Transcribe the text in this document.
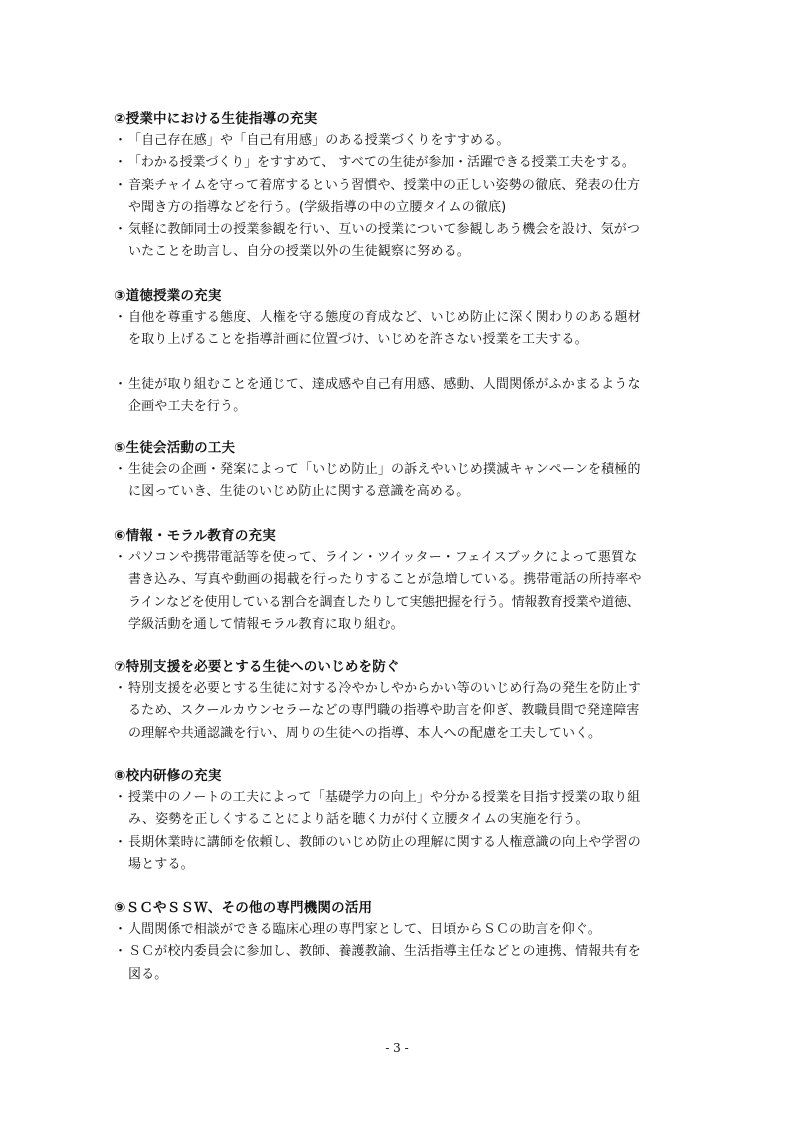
②授業中における生徒指導の充実
・ 「自己存在感」や「自己有用感」のある授業づくりをすすめる。
・ 「わかる授業づくり」をすすめて、 すべての生徒が参加・活躍できる授業工夫をする。
・ 音楽チャイムを守って着席するという習慣や、授業中の正しい姿勢の徹底、発表の仕方
や聞き方の指導などを行う。(学級指導の中の立腰タイムの徹底)
・ 気軽に教師同士の授業参観を行い、互いの授業について参観しあう機会を設け、気がつ
いたことを助言し、自分の授業以外の生徒観察に努める。
③道徳授業の充実
・ 自他を尊重する態度、人権を守る態度の育成など、いじめ防止に深く関わりのある題材
を取り上げることを指導計画に位置づけ、いじめを許さない授業を工夫する。
・ 生徒が取り組むことを通じて、達成感や自己有用感、感動、人間関係がふかまるような
企画や工夫を行う。
⑤生徒会活動の工夫
・ 生徒会の企画・発案によって「いじめ防止」の訴えやいじめ撲滅キャンペーンを積極的
に図っていき、生徒のいじめ防止に関する意識を高める。
⑥情報・モラル教育の充実
・ パソコンや携帯電話等を使って、ライン・ツイッター・フェイスブックによって悪質な
書き込み、写真や動画の掲載を行ったりすることが急増している。携帯電話の所持率や
ラインなどを使用している割合を調査したりして実態把握を行う。情報教育授業や道徳、
学級活動を通して情報モラル教育に取り組む。
⑦特別支援を必要とする生徒へのいじめを防ぐ
・ 特別支援を必要とする生徒に対する冷やかしやからかい等のいじめ行為の発生を防止す
るため、スクールカウンセラーなどの専門職の指導や助言を仰ぎ、教職員間で発達障害
の理解や共通認識を行い、周りの生徒への指導、本人への配慮を工夫していく。
⑧校内研修の充実
・ 授業中のノートの工夫によって「基礎学力の向上」や分かる授業を目指す授業の取り組
み、姿勢を正しくすることにより話を聴く力が付く立腰タイムの実施を行う。
・ 長期休業時に講師を依頼し、教師のいじめ防止の理解に関する人権意識の向上や学習の
場とする。
⑨ＳＣやＳＳＷ、その他の専門機関の活用
・ 人間関係で相談ができる臨床心理の専門家として、日頃からＳＣの助言を仰ぐ。
・ ＳＣが校内委員会に参加し、教師、養護教諭、生活指導主任などとの連携、情報共有を
図る。
- 3 -
